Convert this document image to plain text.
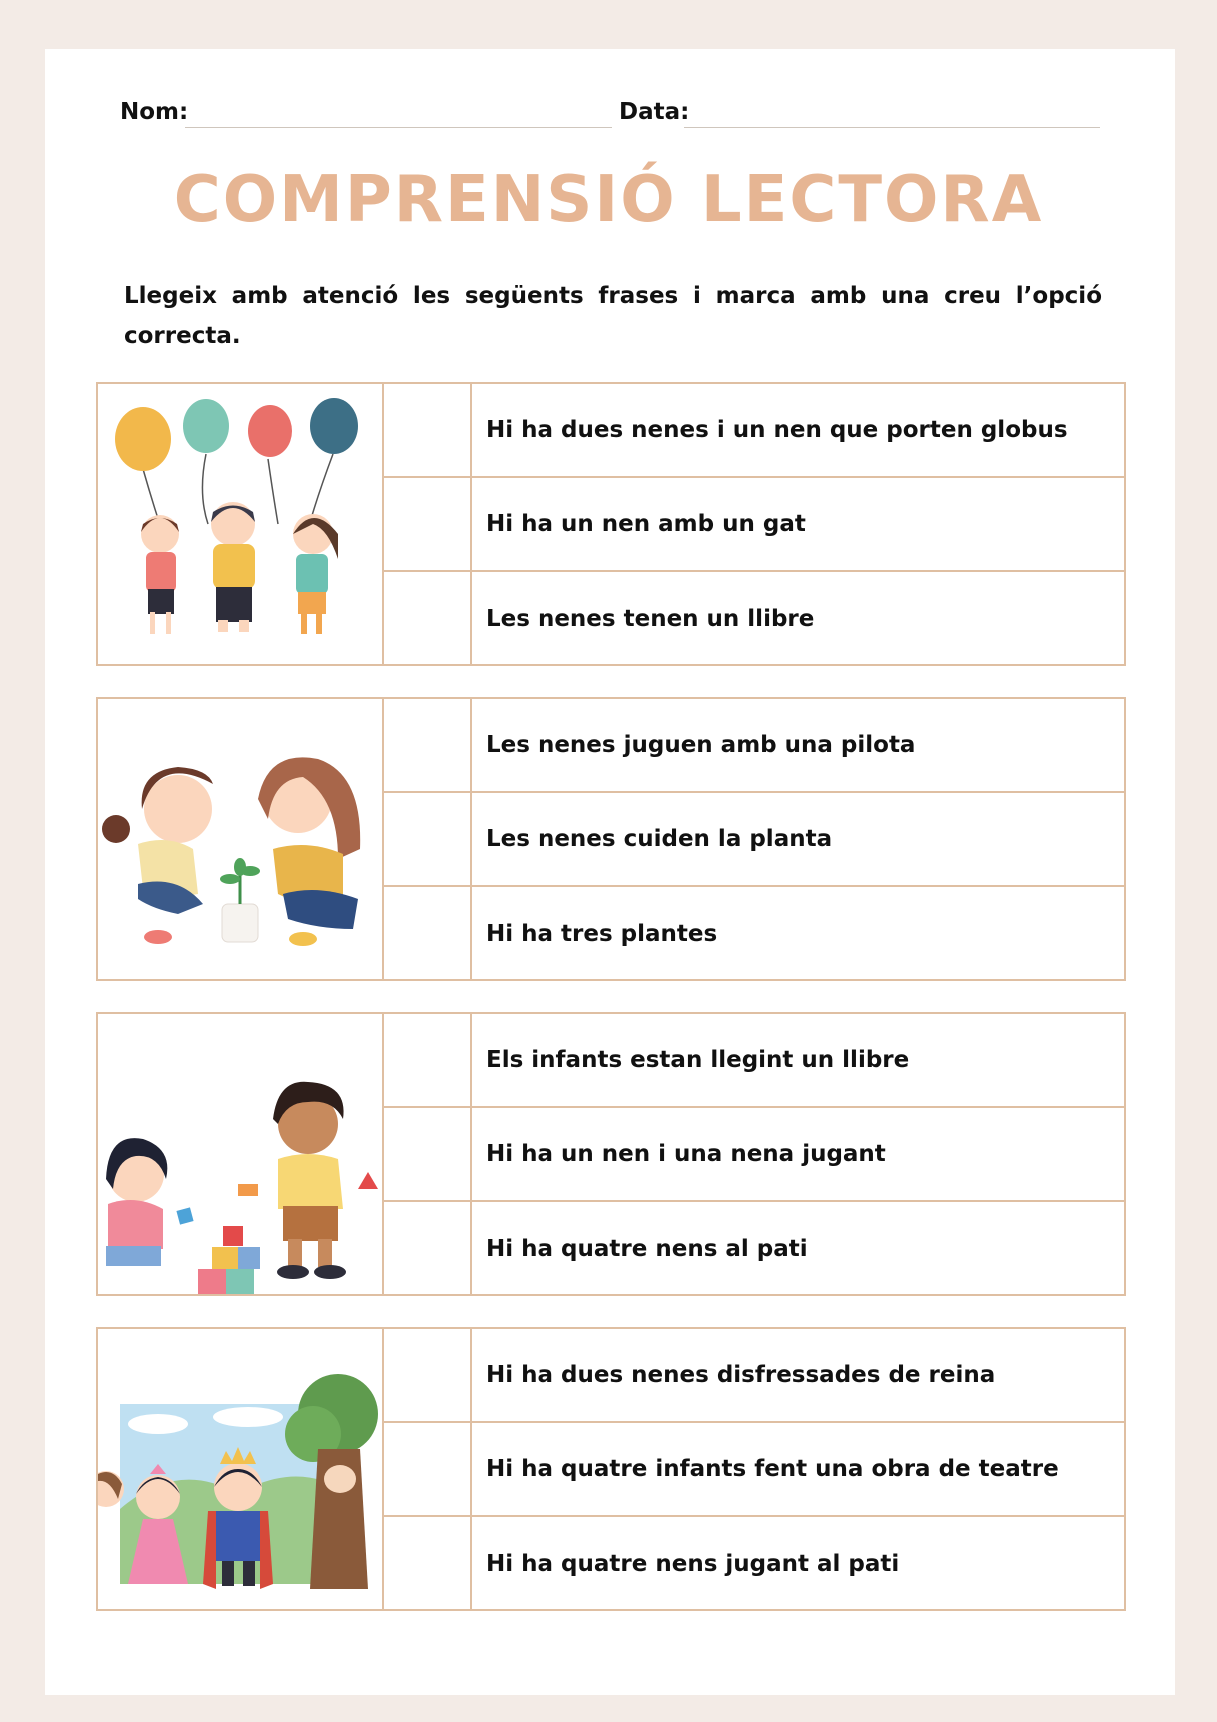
Nom:	Data:
COMPRENSIÓ LECTORA
Llegeix amb atenció les següents frases i marca amb una creu l’opció correcta.
Hi ha dues nenes i un nen que porten globus
Hi ha un nen amb un gat
Les nenes tenen un llibre
Les nenes juguen amb una pilota
Les nenes cuiden la planta
Hi ha tres plantes
Els infants estan llegint un llibre
Hi ha un nen i una nena jugant
Hi ha quatre nens al pati
Hi ha dues nenes disfressades de reina
Hi ha quatre infants fent una obra de teatre
Hi ha quatre nens jugant al pati
